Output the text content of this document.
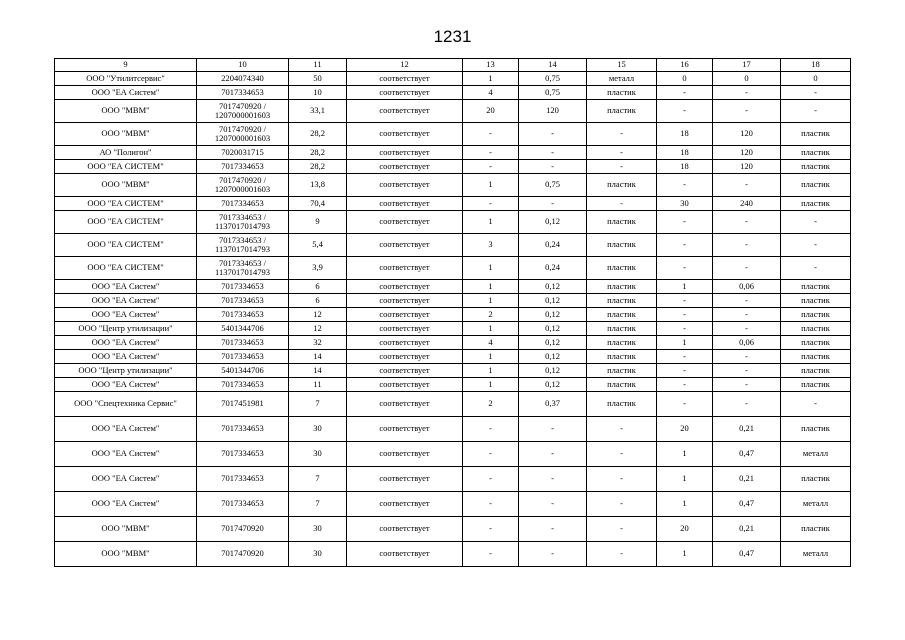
1231
9	10	11	12	13	14	15	16	17	18
ООО "Утилитсервис"	2204074340	50	соответствует	1	0,75	металл	0	0	0
ООО "ЕА Систем"	7017334653	10	соответствует	4	0,75	пластик	-	-	-
ООО "МВМ"	7017470920 / 1207000001603	33,1	соответствует	20	120	пластик	-	-	-
ООО "МВМ"	7017470920 / 1207000001603	28,2	соответствует	-	-	-	18	120	пластик
АО "Полигон"	7020031715	28,2	соответствует	-	-	-	18	120	пластик
ООО "ЕА СИСТЕМ"	7017334653	28,2	соответствует	-	-	-	18	120	пластик
ООО "МВМ"	7017470920 / 1207000001603	13,8	соответствует	1	0,75	пластик	-	-	пластик
ООО "ЕА СИСТЕМ"	7017334653	70,4	соответствует	-	-	-	30	240	пластик
ООО "ЕА СИСТЕМ"	7017334653 / 1137017014793	9	соответствует	1	0,12	пластик	-	-	-
ООО "ЕА СИСТЕМ"	7017334653 / 1137017014793	5,4	соответствует	3	0,24	пластик	-	-	-
ООО "ЕА СИСТЕМ"	7017334653 / 1137017014793	3,9	соответствует	1	0,24	пластик	-	-	-
ООО "ЕА Систем"	7017334653	6	соответствует	1	0,12	пластик	1	0,06	пластик
ООО "ЕА Систем"	7017334653	6	соответствует	1	0,12	пластик	-	-	пластик
ООО "ЕА Систем"	7017334653	12	соответствует	2	0,12	пластик	-	-	пластик
ООО "Центр утилизации"	5401344706	12	соответствует	1	0,12	пластик	-	-	пластик
ООО "ЕА Систем"	7017334653	32	соответствует	4	0,12	пластик	1	0,06	пластик
ООО "ЕА Систем"	7017334653	14	соответствует	1	0,12	пластик	-	-	пластик
ООО "Центр утилизации"	5401344706	14	соответствует	1	0,12	пластик	-	-	пластик
ООО "ЕА Систем"	7017334653	11	соответствует	1	0,12	пластик	-	-	пластик
ООО "Спецтехника Сервис"	7017451981	7	соответствует	2	0,37	пластик	-	-	-
ООО "ЕА Систем"	7017334653	30	соответствует	-	-	-	20	0,21	пластик
ООО "ЕА Систем"	7017334653	30	соответствует	-	-	-	1	0,47	металл
ООО "ЕА Систем"	7017334653	7	соответствует	-	-	-	1	0,21	пластик
ООО "ЕА Систем"	7017334653	7	соответствует	-	-	-	1	0,47	металл
ООО "МВМ"	7017470920	30	соответствует	-	-	-	20	0,21	пластик
ООО "МВМ"	7017470920	30	соответствует	-	-	-	1	0,47	металл
